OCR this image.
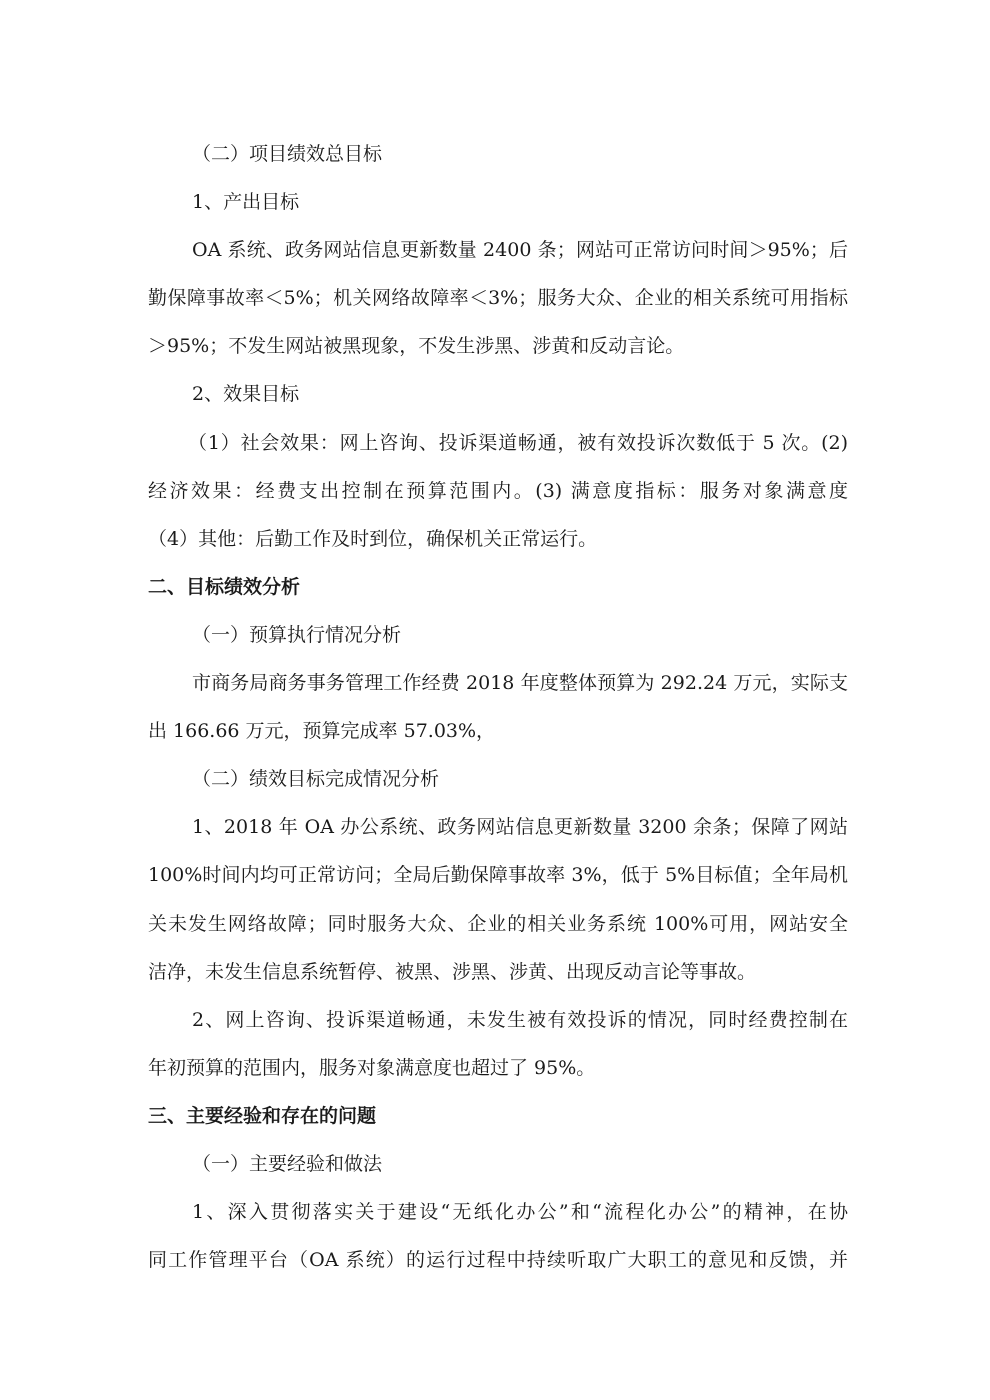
（二）项目绩效总目标

1、产出目标

OA 系统、政务网站信息更新数量 2400 条；网站可正常访问时间＞95%；后

勤保障事故率＜5%；机关网络故障率＜3%；服务大众、企业的相关系统可用指标

＞95%；不发生网站被黑现象，不发生涉黑、涉黄和反动言论。

2、效果目标

（1）社会效果：网上咨询、投诉渠道畅通，被有效投诉次数低于 5 次。(2)

经济效果：经费支出控制在预算范围内。(3) 满意度指标：服务对象满意度

（4）其他：后勤工作及时到位，确保机关正常运行。

二、目标绩效分析

（一）预算执行情况分析

市商务局商务事务管理工作经费 2018 年度整体预算为 292.24 万元，实际支

出 166.66 万元，预算完成率 57.03%，

（二）绩效目标完成情况分析

1、2018 年 OA 办公系统、政务网站信息更新数量 3200 余条；保障了网站

100%时间内均可正常访问；全局后勤保障事故率 3%，低于 5%目标值；全年局机

关未发生网络故障；同时服务大众、企业的相关业务系统 100%可用，网站安全

洁净，未发生信息系统暂停、被黑、涉黑、涉黄、出现反动言论等事故。

2、网上咨询、投诉渠道畅通，未发生被有效投诉的情况，同时经费控制在

年初预算的范围内，服务对象满意度也超过了 95%。

三、主要经验和存在的问题

（一）主要经验和做法

1、深入贯彻落实关于建设“无纸化办公”和“流程化办公”的精神，在协

同工作管理平台（OA 系统）的运行过程中持续听取广大职工的意见和反馈，并
